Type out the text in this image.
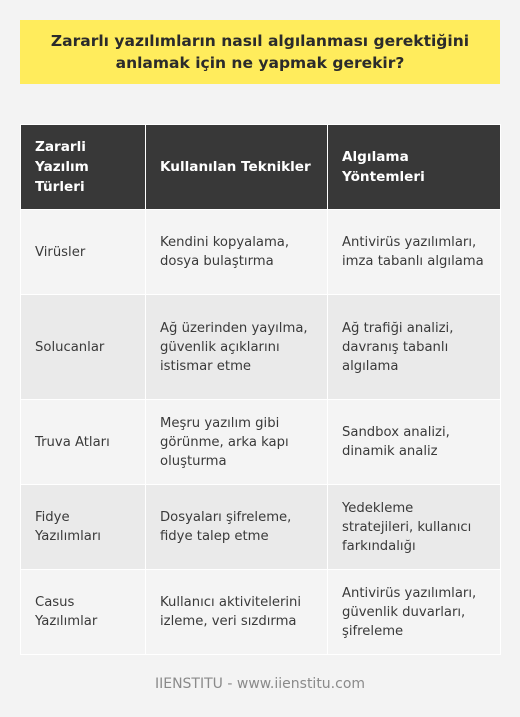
Zararlı yazılımların nasıl algılanması gerektiğini anlamak için ne yapmak gerekir?
Zararli Yazılım Türleri	Kullanılan Teknikler	Algılama Yöntemleri
Virüsler	Kendini kopyalama, dosya bulaştırma	Antivirüs yazılımları, imza tabanlı algılama
Solucanlar	Ağ üzerinden yayılma, güvenlik açıklarını istismar etme	Ağ trafiği analizi, davranış tabanlı algılama
Truva Atları	Meşru yazılım gibi görünme, arka kapı oluşturma	Sandbox analizi, dinamik analiz
Fidye Yazılımları	Dosyaları şifreleme, fidye talep etme	Yedekleme stratejileri, kullanıcı farkındalığı
Casus Yazılımlar	Kullanıcı aktivitelerini izleme, veri sızdırma	Antivirüs yazılımları, güvenlik duvarları, şifreleme
IIENSTITU - www.iienstitu.com
